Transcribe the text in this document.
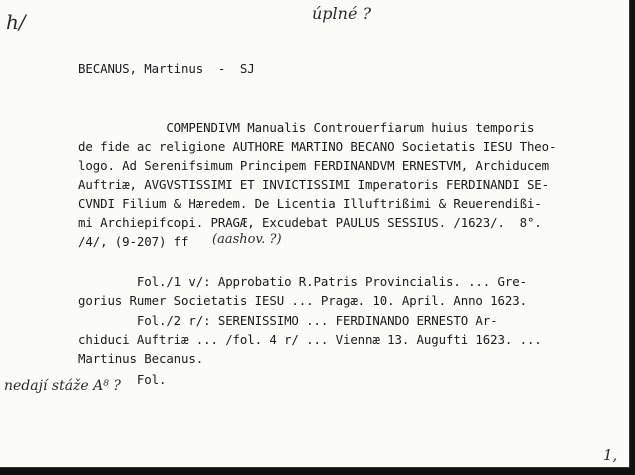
h/	úplné ?
BECANUS, Martinus  -  SJ
COMPENDIVM Manualis Controuerfiarum huius temporis
de fide ac religione AUTHORE MARTINO BECANO Societatis IESU Theo-
logo. Ad Serenifsimum Principem FERDINANDVM ERNESTVM, Archiducem
Auftriæ, AVGVSTISSIMI ET INVICTISSIMI Imperatoris FERDINANDI SE-
CVNDI Filium & Hæredem. De Licentia Illuftrißimi & Reuerendißi-
mi Archiepifcopi. PRAGÆ, Excudebat PAULUS SESSIUS. /1623/.  8°.
/4/, (9-207) ff (aashov. ?)
Fol./1 v/: Approbatio R.Patris Provincialis. ... Gre-
gorius Rumer Societatis IESU ... Pragæ. 10. April. Anno 1623.
Fol./2 r/: SERENISSIMO ... FERDINANDO ERNESTO Ar-
chiduci Auftriæ ... /fol. 4 r/ ... Viennæ 13. Augufti 1623. ...
Martinus Becanus.
Fol.
nedají stáže A⁸ ?
1,
